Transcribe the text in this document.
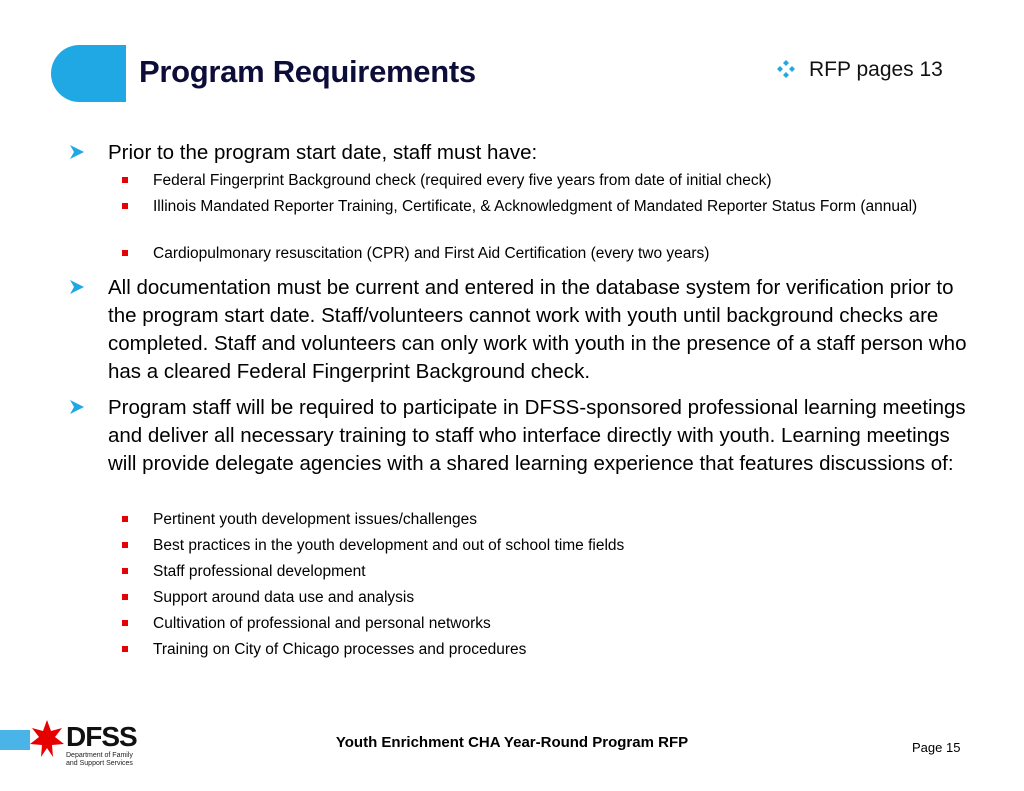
Program Requirements	RFP pages 13
Prior to the program start date, staff must have:
Federal Fingerprint Background check (required every five years from date of initial check)
Illinois Mandated Reporter Training, Certificate, & Acknowledgment of Mandated Reporter Status Form (annual)
Cardiopulmonary resuscitation (CPR) and First Aid Certification (every two years)
All documentation must be current and entered in the database system for verification prior to the program start date. Staff/volunteers cannot work with youth until background checks are completed. Staff and volunteers can only work with youth in the presence of a staff person who has a cleared Federal Fingerprint Background check.
Program staff will be required to participate in DFSS-sponsored professional learning meetings and deliver all necessary training to staff who interface directly with youth. Learning meetings will provide delegate agencies with a shared learning experience that features discussions of:
Pertinent youth development issues/challenges
Best practices in the youth development and out of school time fields
Staff professional development
Support around data use and analysis
Cultivation of professional and personal networks
Training on City of Chicago processes and procedures
DFSS
Department of Family
and Support Services
Youth Enrichment CHA Year-Round Program RFP	Page 15
